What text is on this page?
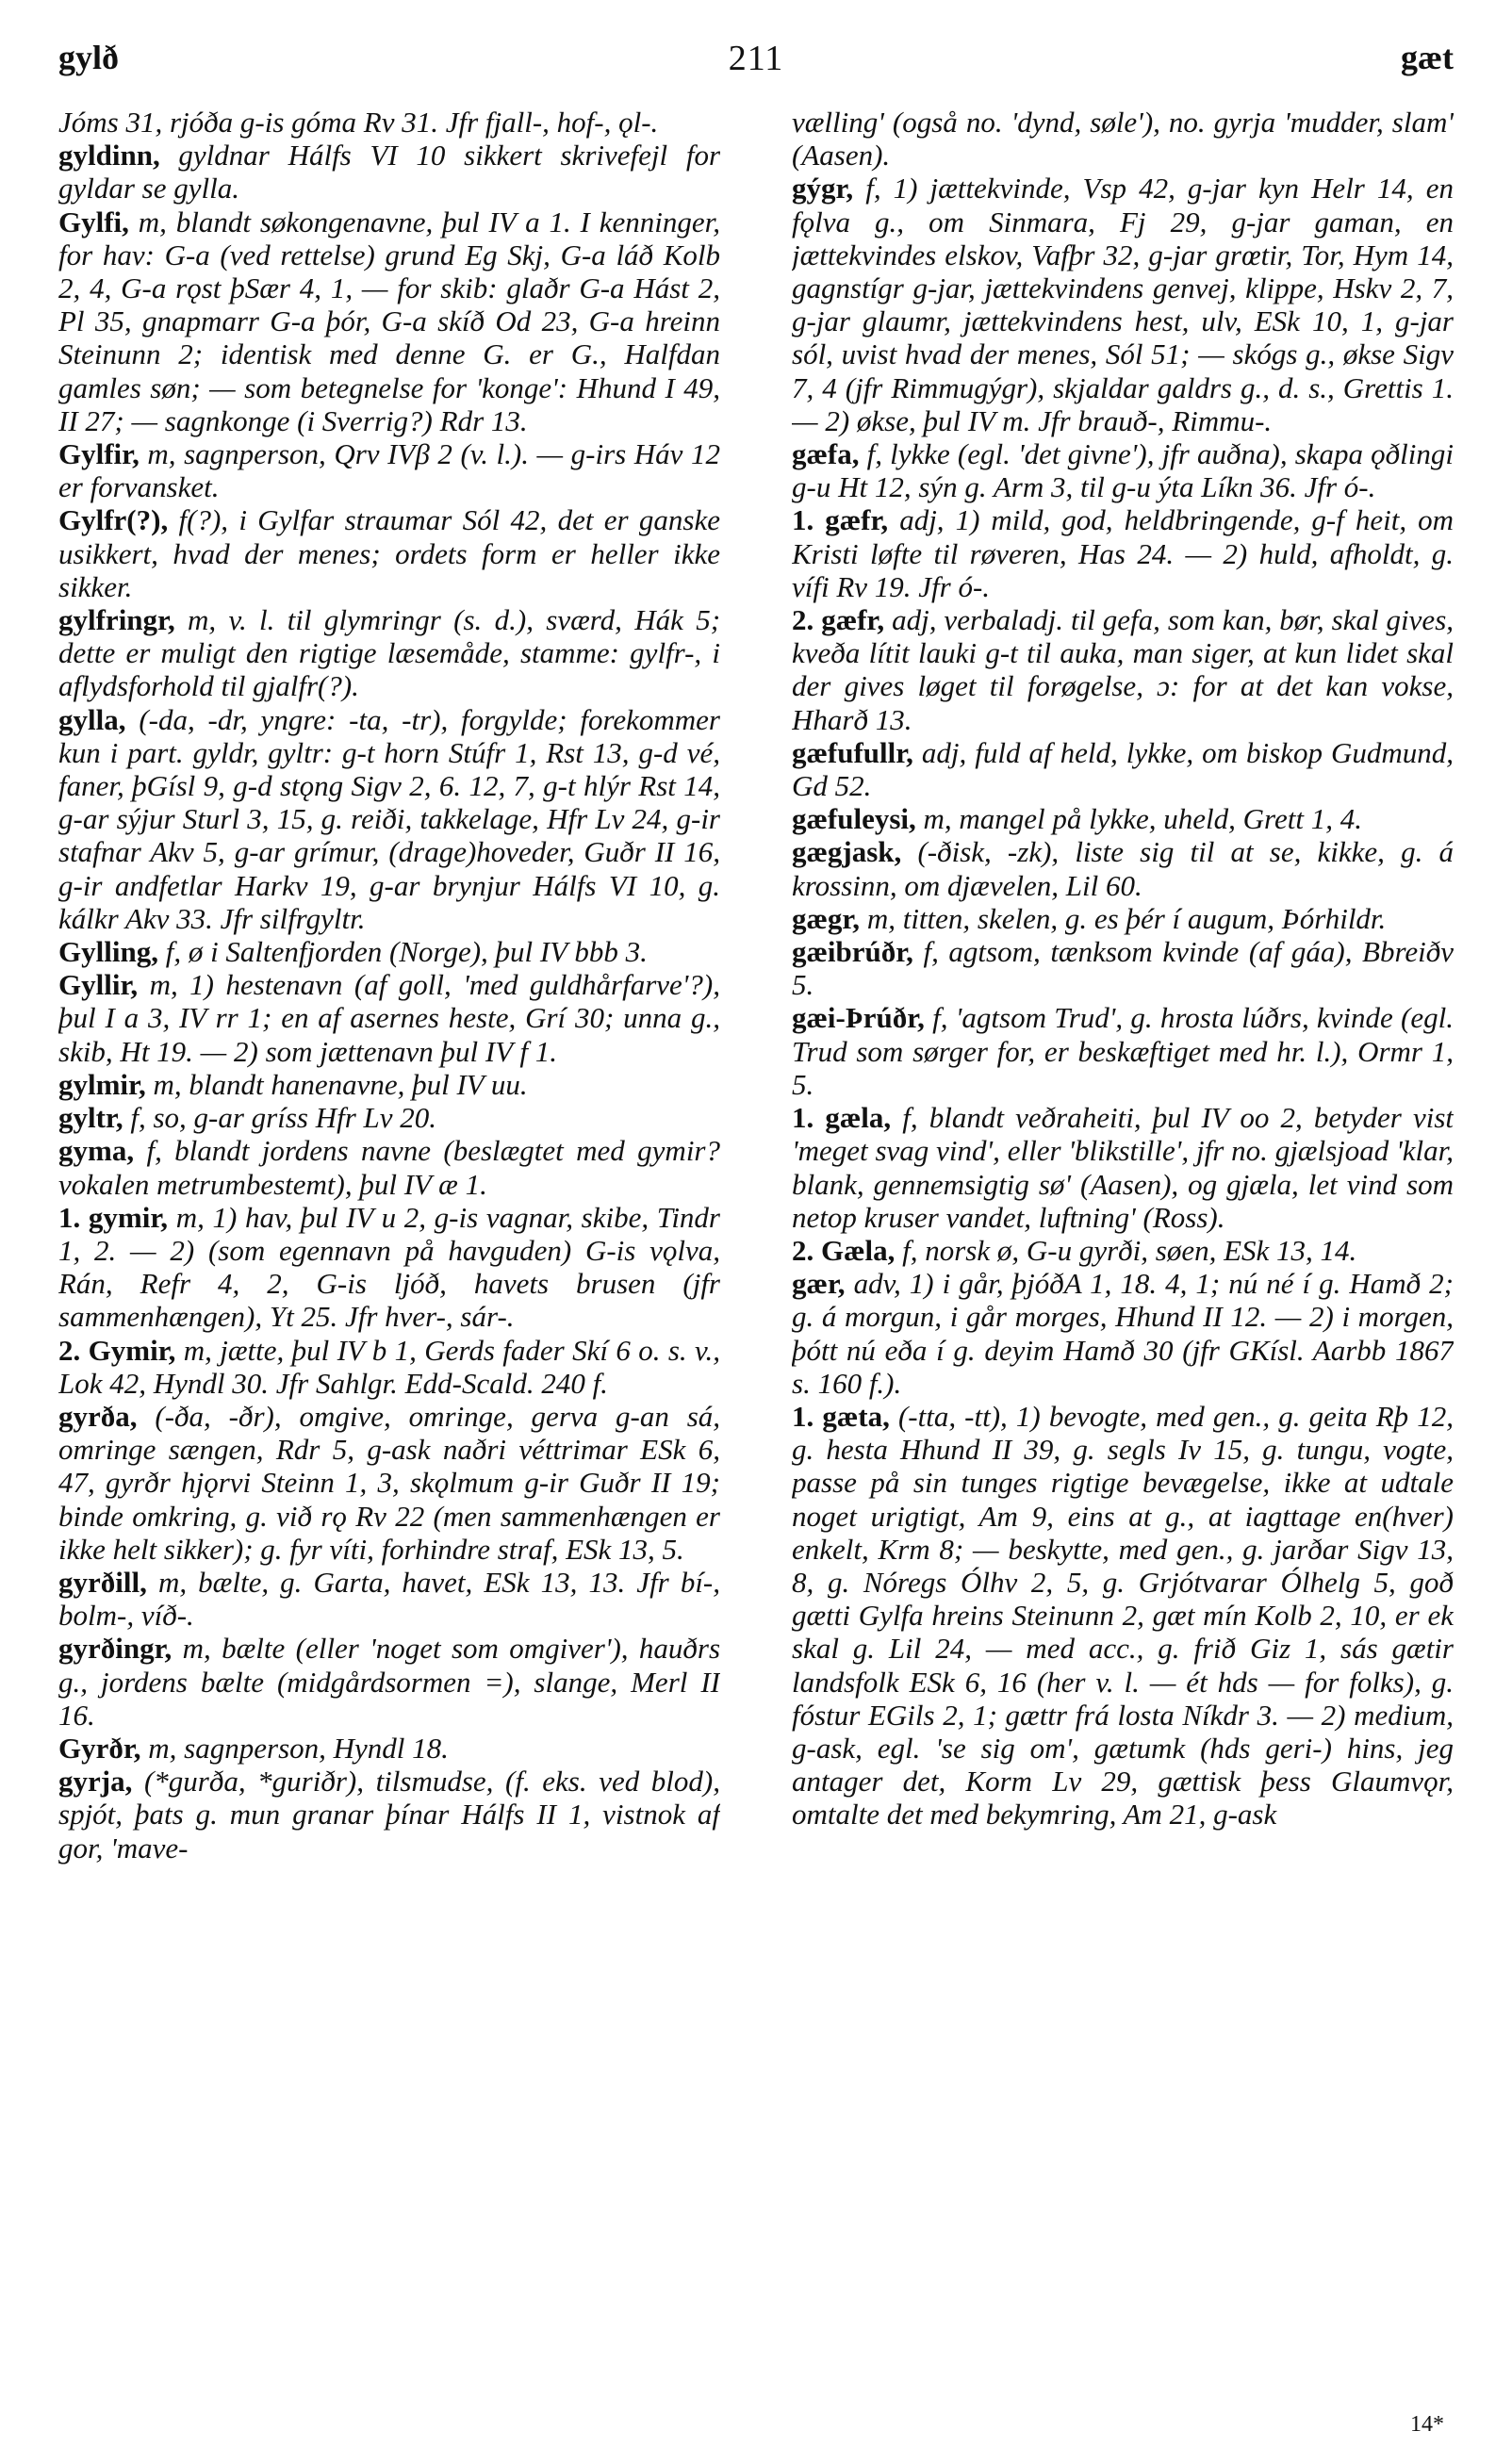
gylð	211	gæt

Jóms 31, rjóða g-is góma Rv 31. Jfr fjall-, hof-, ǫl-.

gyldinn, gyldnar Hálfs VI 10 sikkert skrivefejl for gyldar se gylla.

Gylfi, m, blandt søkongenavne, þul IV a 1. I kenninger, for hav: G-a (ved rettelse) grund Eg Skj, G-a láð Kolb 2, 4, G-a rǫst þSær 4, 1, — for skib: glaðr G-a Hást 2, Pl 35, gnapmarr G-a þór, G-a skíð Od 23, G-a hreinn Steinunn 2; identisk med denne G. er G., Halfdan gamles søn; — som betegnelse for 'konge': Hhund I 49, II 27; — sagnkonge (i Sverrig?) Rdr 13.

Gylfir, m, sagnperson, Qrv IVβ 2 (v. l.). — g-irs Háv 12 er forvansket.

Gylfr(?), f(?), i Gylfar straumar Sól 42, det er ganske usikkert, hvad der menes; ordets form er heller ikke sikker.

gylfringr, m, v. l. til glymringr (s. d.), sværd, Hák 5; dette er muligt den rigtige læsemåde, stamme: gylfr-, i aflydsforhold til gjalfr(?).

gylla, (-da, -dr, yngre: -ta, -tr), forgylde; forekommer kun i part. gyldr, gyltr: g-t horn Stúfr 1, Rst 13, g-d vé, faner, þGísl 9, g-d stǫng Sigv 2, 6. 12, 7, g-t hlýr Rst 14, g-ar sýjur Sturl 3, 15, g. reiði, takkelage, Hfr Lv 24, g-ir stafnar Akv 5, g-ar grímur, (drage)hoveder, Guðr II 16, g-ir andfetlar Harkv 19, g-ar brynjur Hálfs VI 10, g. kálkr Akv 33. Jfr silfrgyltr.

Gylling, f, ø i Saltenfjorden (Norge), þul IV bbb 3.

Gyllir, m, 1) hestenavn (af goll, 'med guldhårfarve'?), þul I a 3, IV rr 1; en af asernes heste, Grí 30; unna g., skib, Ht 19. — 2) som jættenavn þul IV f 1.

gylmir, m, blandt hanenavne, þul IV uu.

gyltr, f, so, g-ar gríss Hfr Lv 20.

gyma, f, blandt jordens navne (beslægtet med gymir? vokalen metrumbestemt), þul IV æ 1.

1. gymir, m, 1) hav, þul IV u 2, g-is vagnar, skibe, Tindr 1, 2. — 2) (som egennavn på havguden) G-is vǫlva, Rán, Refr 4, 2, G-is ljóð, havets brusen (jfr sammenhængen), Yt 25. Jfr hver-, sár-.

2. Gymir, m, jætte, þul IV b 1, Gerds fader Skí 6 o. s. v., Lok 42, Hyndl 30. Jfr Sahlgr. Edd-Scald. 240 f.

gyrða, (-ða, -ðr), omgive, omringe, gerva g-an sá, omringe sængen, Rdr 5, g-ask naðri véttrimar ESk 6, 47, gyrðr hjǫrvi Steinn 1, 3, skǫlmum g-ir Guðr II 19; binde omkring, g. við rǫ Rv 22 (men sammenhængen er ikke helt sikker); g. fyr víti, forhindre straf, ESk 13, 5.

gyrðill, m, bælte, g. Garta, havet, ESk 13, 13. Jfr bí-, bolm-, víð-.

gyrðingr, m, bælte (eller 'noget som omgiver'), hauðrs g., jordens bælte (midgårdsormen =), slange, Merl II 16.

Gyrðr, m, sagnperson, Hyndl 18.

gyrja, (*gurða, *guriðr), tilsmudse, (f. eks. ved blod), spjót, þats g. mun granar þínar Hálfs II 1, vistnok af gor, 'mave-

vælling' (også no. 'dynd, søle'), no. gyrja 'mudder, slam' (Aasen).

gýgr, f, 1) jættekvinde, Vsp 42, g-jar kyn Helr 14, en fǫlva g., om Sinmara, Fj 29, g-jar gaman, en jættekvindes elskov, Vafþr 32, g-jar grœtir, Tor, Hym 14, gagnstígr g-jar, jættekvindens genvej, klippe, Hskv 2, 7, g-jar glaumr, jættekvindens hest, ulv, ESk 10, 1, g-jar sól, uvist hvad der menes, Sól 51; — skógs g., økse Sigv 7, 4 (jfr Rimmugýgr), skjaldar galdrs g., d. s., Grettis 1. — 2) økse, þul IV m. Jfr brauð-, Rimmu-.

gæfa, f, lykke (egl. 'det givne'), jfr auðna), skapa ǫðlingi g-u Ht 12, sýn g. Arm 3, til g-u ýta Líkn 36. Jfr ó-.

1. gæfr, adj, 1) mild, god, heldbringende, g-f heit, om Kristi løfte til røveren, Has 24. — 2) huld, afholdt, g. vífi Rv 19. Jfr ó-.

2. gæfr, adj, verbaladj. til gefa, som kan, bør, skal gives, kveða lítit lauki g-t til auka, man siger, at kun lidet skal der gives løget til forøgelse, ɔ: for at det kan vokse, Hharð 13.

gæfufullr, adj, fuld af held, lykke, om biskop Gudmund, Gd 52.

gæfuleysi, m, mangel på lykke, uheld, Grett 1, 4.

gægjask, (-ðisk, -zk), liste sig til at se, kikke, g. á krossinn, om djævelen, Lil 60.

gægr, m, titten, skelen, g. es þér í augum, Þórhildr.

gæibrúðr, f, agtsom, tænksom kvinde (af gáa), Bbreiðv 5.

gæi-Þrúðr, f, 'agtsom Trud', g. hrosta lúðrs, kvinde (egl. Trud som sørger for, er beskæftiget med hr. l.), Ormr 1, 5.

1. gæla, f, blandt veðraheiti, þul IV oo 2, betyder vist 'meget svag vind', eller 'blikstille', jfr no. gjælsjoad 'klar, blank, gennemsigtig sø' (Aasen), og gjæla, let vind som netop kruser vandet, luftning' (Ross).

2. Gæla, f, norsk ø, G-u gyrði, søen, ESk 13, 14.

gær, adv, 1) i går, þjóðA 1, 18. 4, 1; nú né í g. Hamð 2; g. á morgun, i går morges, Hhund II 12. — 2) i morgen, þótt nú eða í g. deyim Hamð 30 (jfr GKísl. Aarbb 1867 s. 160 f.).

1. gæta, (-tta, -tt), 1) bevogte, med gen., g. geita Rþ 12, g. hesta Hhund II 39, g. segls Iv 15, g. tungu, vogte, passe på sin tunges rigtige bevægelse, ikke at udtale noget urigtigt, Am 9, eins at g., at iagttage en(hver) enkelt, Krm 8; — beskytte, med gen., g. jarðar Sigv 13, 8, g. Nóregs Ólhv 2, 5, g. Grjótvarar Ólhelg 5, goð gætti Gylfa hreins Steinunn 2, gæt mín Kolb 2, 10, er ek skal g. Lil 24, — med acc., g. frið Giz 1, sás gætir landsfolk ESk 6, 16 (her v. l. — ét hds — for folks), g. fóstur EGils 2, 1; gættr frá losta Níkdr 3. — 2) medium, g-ask, egl. 'se sig om', gætumk (hds geri-) hins, jeg antager det, Korm Lv 29, gættisk þess Glaumvǫr, omtalte det med bekymring, Am 21, g-ask

14*
